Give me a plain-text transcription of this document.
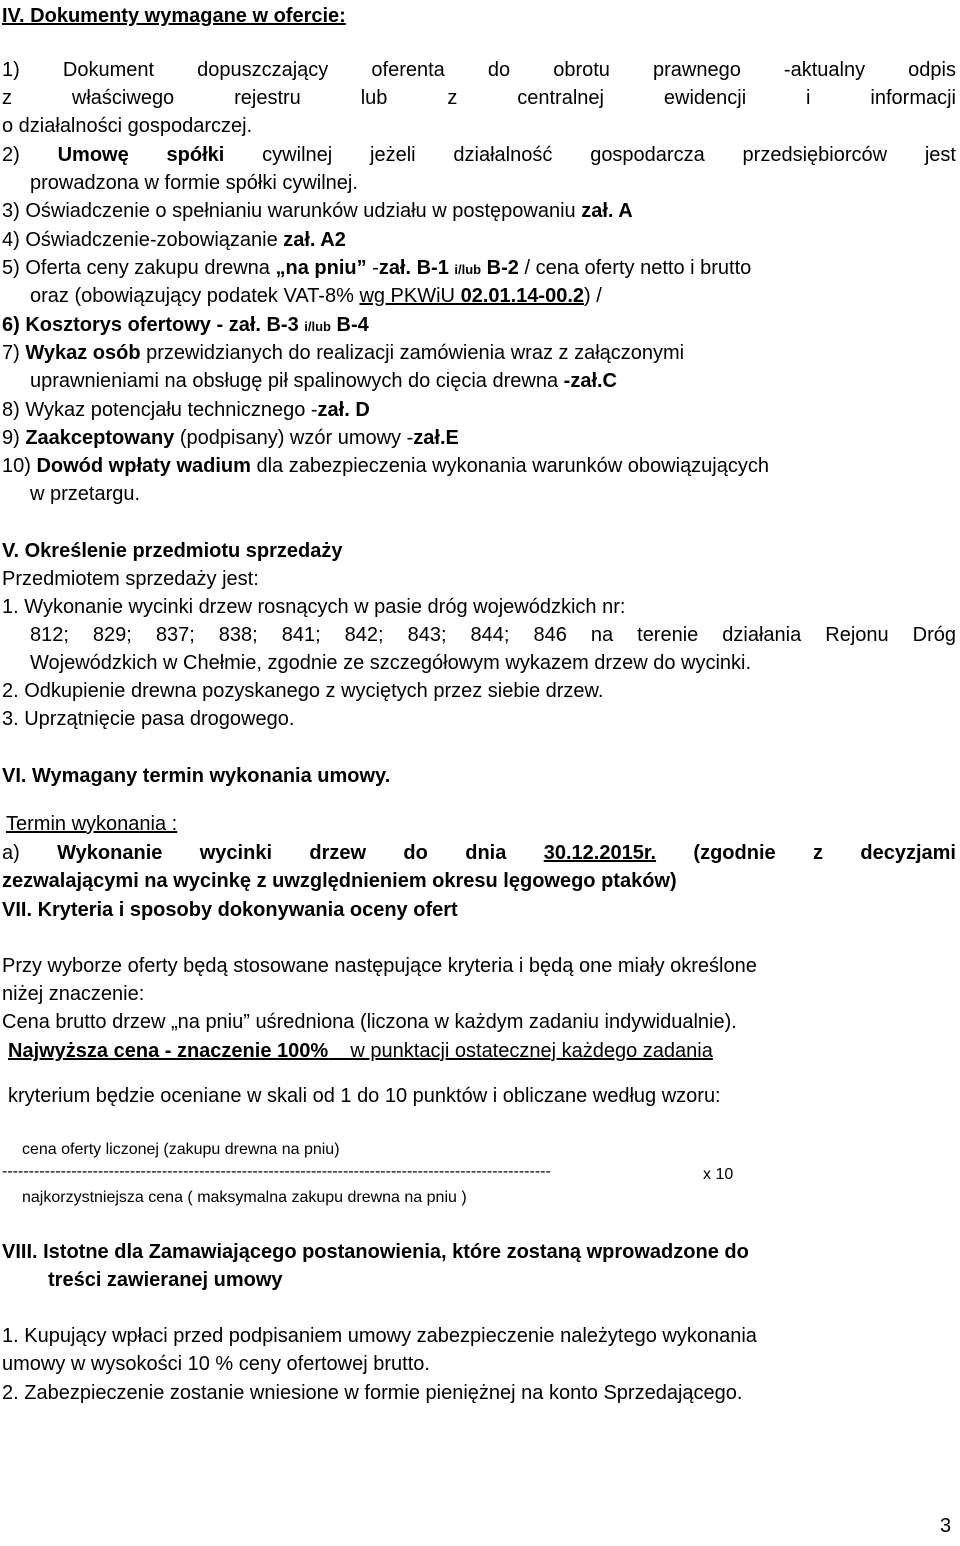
IV. Dokumenty wymagane w ofercie:
1) Dokument dopuszczający oferenta do obrotu prawnego -aktualny odpis
z właściwego rejestru lub z centralnej ewidencji i informacji
o działalności gospodarczej.
2) Umowę spółki cywilnej jeżeli działalność gospodarcza przedsiębiorców jest
prowadzona w formie spółki cywilnej.
3) Oświadczenie o spełnianiu warunków udziału w postępowaniu zał. A
4) Oświadczenie-zobowiązanie zał. A2
5) Oferta ceny zakupu drewna „na pniu” -zał. B-1 i/lub B-2 / cena oferty netto i brutto
oraz (obowiązujący podatek VAT-8% wg PKWiU 02.01.14-00.2) /
6) Kosztorys ofertowy - zał. B-3 i/lub B-4
7) Wykaz osób przewidzianych do realizacji zamówienia wraz z załączonymi
uprawnieniami na obsługę pił spalinowych do cięcia drewna -zał.C
8) Wykaz potencjału technicznego -zał. D
9) Zaakceptowany (podpisany) wzór umowy -zał.E
10) Dowód wpłaty wadium dla zabezpieczenia wykonania warunków obowiązujących
w przetargu.
V. Określenie przedmiotu sprzedaży
Przedmiotem sprzedaży jest:
1. Wykonanie wycinki drzew rosnących w pasie dróg wojewódzkich nr:
812; 829; 837; 838; 841; 842; 843; 844; 846 na terenie działania Rejonu Dróg
Wojewódzkich w Chełmie, zgodnie ze szczegółowym wykazem drzew do wycinki.
2. Odkupienie drewna pozyskanego z wyciętych przez siebie drzew.
3. Uprzątnięcie pasa drogowego.
VI. Wymagany termin wykonania umowy.
Termin wykonania :
a) Wykonanie wycinki drzew do dnia 30.12.2015r. (zgodnie z decyzjami
zezwalającymi na wycinkę z uwzględnieniem okresu lęgowego ptaków)
VII. Kryteria i sposoby dokonywania oceny ofert
Przy wyborze oferty będą stosowane następujące kryteria i będą one miały określone
niżej znaczenie:
Cena brutto drzew „na pniu” uśredniona (liczona w każdym zadaniu indywidualnie).
Najwyższa cena - znaczenie 100% w punktacji ostatecznej każdego zadania
kryterium będzie oceniane w skali od 1 do 10 punktów i obliczane według wzoru:
cena oferty liczonej (zakupu drewna na pniu)
-------------------------------------------------------------------------------------------------------	x 10
najkorzystniejsza cena ( maksymalna zakupu drewna na pniu )
VIII. Istotne dla Zamawiającego postanowienia, które zostaną wprowadzone do
treści zawieranej umowy
1. Kupujący wpłaci przed podpisaniem umowy zabezpieczenie należytego wykonania
umowy w wysokości 10 % ceny ofertowej brutto.
2. Zabezpieczenie zostanie wniesione w formie pieniężnej na konto Sprzedającego.
3
